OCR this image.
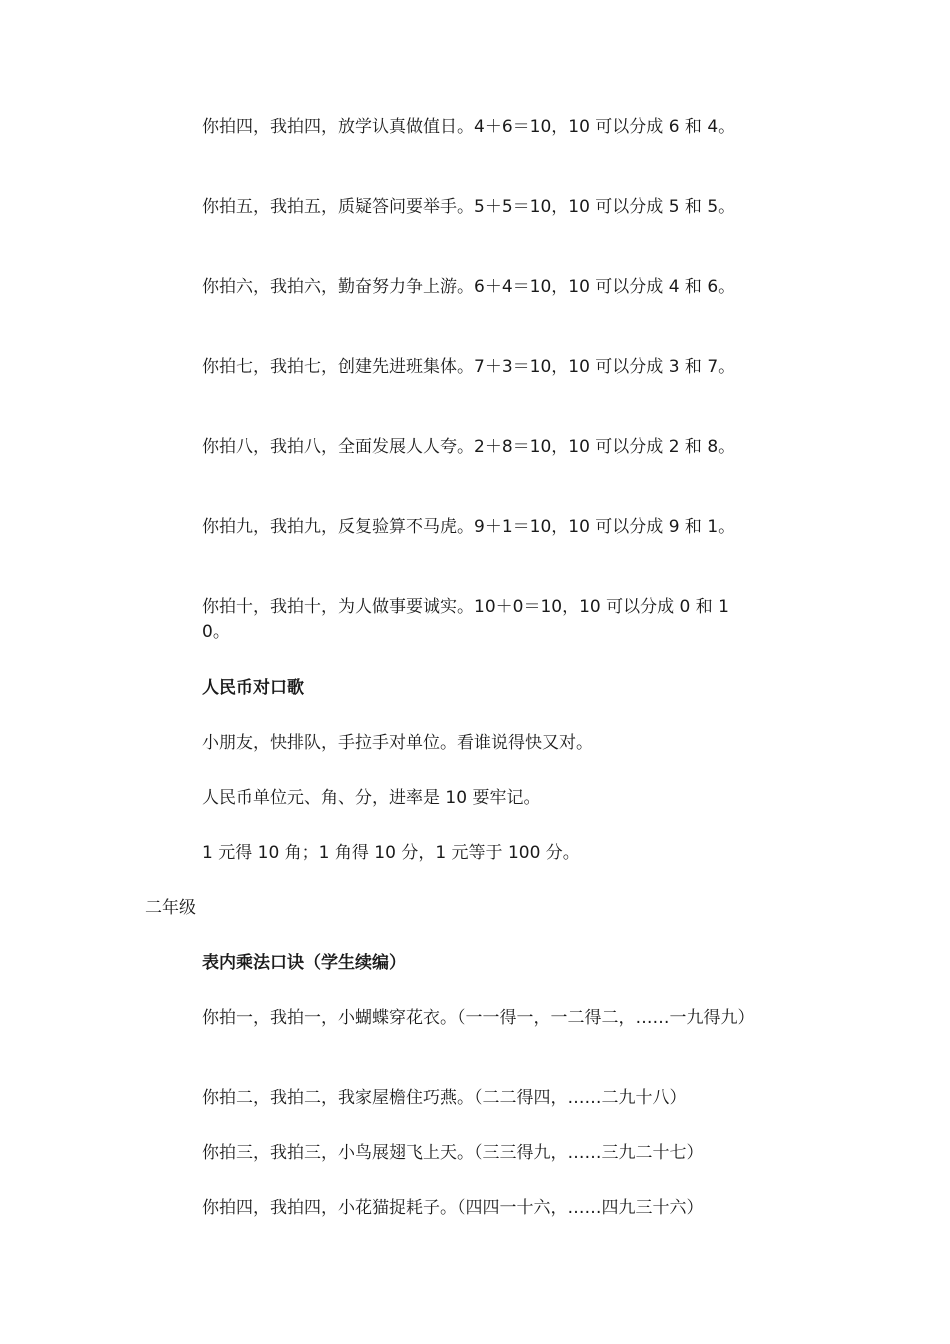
你拍四，我拍四，放学认真做值日。4＋6＝10，10 可以分成 6 和 4。

你拍五，我拍五，质疑答问要举手。5＋5＝10，10 可以分成 5 和 5。

你拍六，我拍六，勤奋努力争上游。6＋4＝10，10 可以分成 4 和 6。

你拍七，我拍七，创建先进班集体。7＋3＝10，10 可以分成 3 和 7。

你拍八，我拍八，全面发展人人夸。2＋8＝10，10 可以分成 2 和 8。

你拍九，我拍九，反复验算不马虎。9＋1＝10，10 可以分成 9 和 1。

你拍十，我拍十，为人做事要诚实。10＋0＝10，10 可以分成 0 和 10。

人民币对口歌

小朋友，快排队，手拉手对单位。看谁说得快又对。

人民币单位元、角、分，进率是 10 要牢记。

1 元得 10 角；1 角得 10 分，1 元等于 100 分。

二年级

表内乘法口诀（学生续编）

你拍一，我拍一，小蝴蝶穿花衣。（一一得一，一二得二，……一九得九）

你拍二，我拍二，我家屋檐住巧燕。（二二得四，……二九十八）

你拍三，我拍三，小鸟展翅飞上天。（三三得九，……三九二十七）

你拍四，我拍四，小花猫捉耗子。（四四一十六，……四九三十六）
